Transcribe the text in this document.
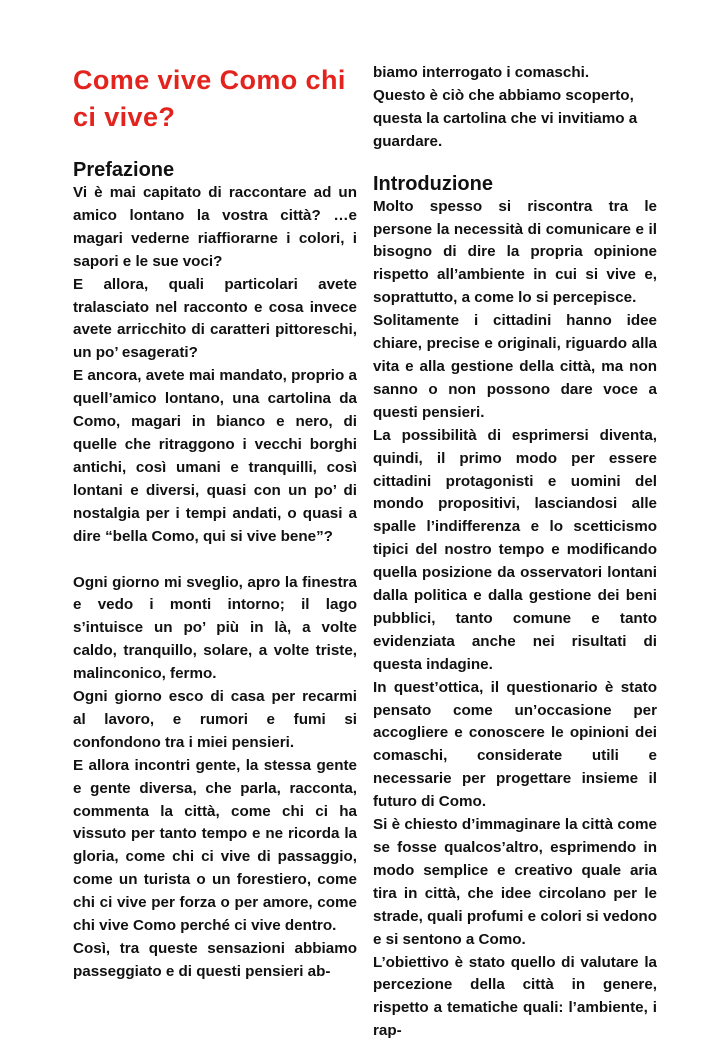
Come vive Como chi ci vive?
Prefazione

Vi è mai capitato di raccontare ad un amico lontano la vostra città? …e magari vederne riaffiorarne i colori, i sapori e le sue voci?

E allora, quali particolari avete tralasciato nel racconto e cosa invece avete arricchito di caratteri pittoreschi, un po’ esagerati?

E ancora, avete mai mandato, proprio a quell’amico lontano, una cartolina da Como, magari in bianco e nero, di quelle che ritraggono i vecchi borghi antichi, così umani e tranquilli, così lontani e diversi, quasi con un po’ di nostalgia per i tempi andati, o quasi a dire “bella Como, qui si vive bene”?

Ogni giorno mi sveglio, apro la finestra e vedo i monti intorno; il lago s’intuisce un po’ più in là, a volte caldo, tranquillo, solare, a volte triste, malinconico, fermo.

Ogni giorno esco di casa per recarmi al lavoro, e rumori e fumi si confondono tra i miei pensieri.

E allora incontri gente, la stessa gente e gente diversa, che parla, racconta, commenta la città, come chi ci ha vissuto per tanto tempo e ne ricorda la gloria, come chi ci vive di passaggio, come un turista o un forestiero, come chi ci vive per forza o per amore, come chi vive Como perché ci vive dentro.

Così, tra queste sensazioni abbiamo passeggiato e di questi pensieri ab-

biamo interrogato i comaschi.
Questo è ciò che abbiamo scoperto,
questa la cartolina che vi invitiamo a
guardare.
Introduzione

Molto spesso si riscontra tra le persone la necessità di comunicare e il bisogno di dire la propria opinione rispetto all’ambiente in cui si vive e, soprattutto, a come lo si percepisce.

Solitamente i cittadini hanno idee chiare, precise e originali, riguardo alla vita e alla gestione della città, ma non sanno o non possono dare voce a questi pensieri.

La possibilità di esprimersi diventa, quindi, il primo modo per essere cittadini protagonisti e uomini del mondo propositivi, lasciandosi alle spalle l’indifferenza e lo scetticismo tipici del nostro tempo e modificando quella posizione da osservatori lontani dalla politica e dalla gestione dei beni pubblici, tanto comune e tanto evidenziata anche nei risultati di questa indagine.

In quest’ottica, il questionario è stato pensato come un’occasione per accogliere e conoscere le opinioni dei comaschi, considerate utili e necessarie per progettare insieme il futuro di Como.

Si è chiesto d’immaginare la città come se fosse qualcos’altro, esprimendo in modo semplice e creativo quale aria tira in città, che idee circolano per le strade, quali profumi e colori si vedono e si sentono a Como.

L’obiettivo è stato quello di valutare la percezione della città in genere, rispetto a tematiche quali: l’ambiente, i rap-
